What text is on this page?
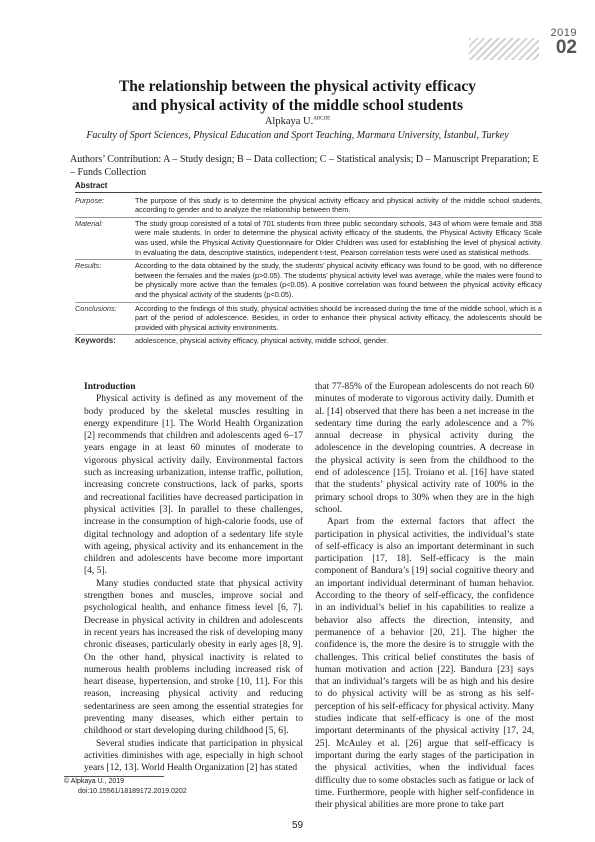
2019
02
The relationship between the physical activity efficacy
and physical activity of the middle school students
Alpkaya U.$^{ABCDE}$
Faculty of Sport Sciences, Physical Education and Sport Teaching, Marmara University, İstanbul, Turkey
Authors’ Contribution: A – Study design; B – Data collection; C – Statistical analysis; D – Manuscript Preparation; E – Funds Collection
Abstract
Purpose:	The purpose of this study is to determine the physical activity efficacy and physical activity of the middle school students, according to gender and to analyze the relationship between them.
Material:	The study group consisted of a total of 701 students from three public secondary schools, 343 of whom were female and 358 were male students. In order to determine the physical activity efficacy of the students, the Physical Activity Efficacy Scale was used, while the Physical Activity Questionnaire for Older Children was used for establishing the level of physical activity. In evaluating the data, descriptive statistics, independent t-test, Pearson correlation tests were used as statistical methods.
Results:	According to the data obtained by the study, the students’ physical activity efficacy was found to be good, with no difference between the females and the males (p>0.05). The students’ physical activity level was average, while the males were found to be physically more active than the females (p<0.05). A positive correlation was found between the physical activity efficacy and the physical activity of the students (p<0.05).
Conclusions:	According to the findings of this study, physical activities should be increased during the time of the middle school, which is a part of the period of adolescence. Besides, in order to enhance their physical activity efficacy, the adolescents should be provided with physical activity environments.
Keywords:	adolescence, physical activity efficacy, physical activity, middle school, gender.
Introduction

Physical activity is defined as any movement of the body produced by the skeletal muscles resulting in energy expenditure [1]. The World Health Organization [2] recommends that children and adolescents aged 6–17 years engage in at least 60 minutes of moderate to vigorous physical activity daily. Environmental factors such as increasing urbanization, intense traffic, pollution, increasing concrete constructions, lack of parks, sports and recreational facilities have decreased participation in physical activities [3]. In parallel to these challenges, increase in the consumption of high-calorie foods, use of digital technology and adoption of a sedentary life style with ageing, physical activity and its enhancement in the children and adolescents have become more important [4, 5].

Many studies conducted state that physical activity strengthen bones and muscles, improve social and psychological health, and enhance fitness level [6, 7]. Decrease in physical activity in children and adolescents in recent years has increased the risk of developing many chronic diseases, particularly obesity in early ages [8, 9]. On the other hand, physical inactivity is related to numerous health problems including increased risk of heart disease, hypertension, and stroke [10, 11]. For this reason, increasing physical activity and reducing sedentariness are seen among the essential strategies for preventing many diseases, which either pertain to childhood or start developing during childhood [5, 6].

Several studies indicate that participation in physical activities diminishes with age, especially in high school years [12, 13]. World Health Organization [2] has stated

that 77-85% of the European adolescents do not reach 60 minutes of moderate to vigorous activity daily. Dumith et al. [14] observed that there has been a net increase in the sedentary time during the early adolescence and a 7% annual decrease in physical activity during the adolescence in the developing countries. A decrease in the physical activity is seen from the childhood to the end of adolescence [15]. Troiano et al. [16] have stated that the students’ physical activity rate of 100% in the primary school drops to 30% when they are in the high school.

Apart from the external factors that affect the participation in physical activities, the individual’s state of self-efficacy is also an important determinant in such participation [17, 18]. Self-efficacy is the main component of Bandura’s [19] social cognitive theory and an important individual determinant of human behavior. According to the theory of self-efficacy, the confidence in an individual’s belief in his capabilities to realize a behavior also affects the direction, intensity, and permanence of a behavior [20, 21]. The higher the confidence is, the more the desire is to struggle with the challenges. This critical belief constitutes the basis of human motivation and action [22]. Bandura [23] says that an individual’s targets will be as high and his desire to do physical activity will be as strong as his self-perception of his self-efficacy for physical activity. Many studies indicate that self-efficacy is one of the most important determinants of the physical activity [17, 24, 25]. McAuley et al. [26] argue that self-efficacy is important during the early stages of the participation in the physical activities, when the individual faces difficulty due to some obstacles such as fatigue or lack of time. Furthermore, people with higher self-confidence in their physical abilities are more prone to take part

© Alpkaya U., 2019
doi:10.15561/18189172.2019.0202
59
